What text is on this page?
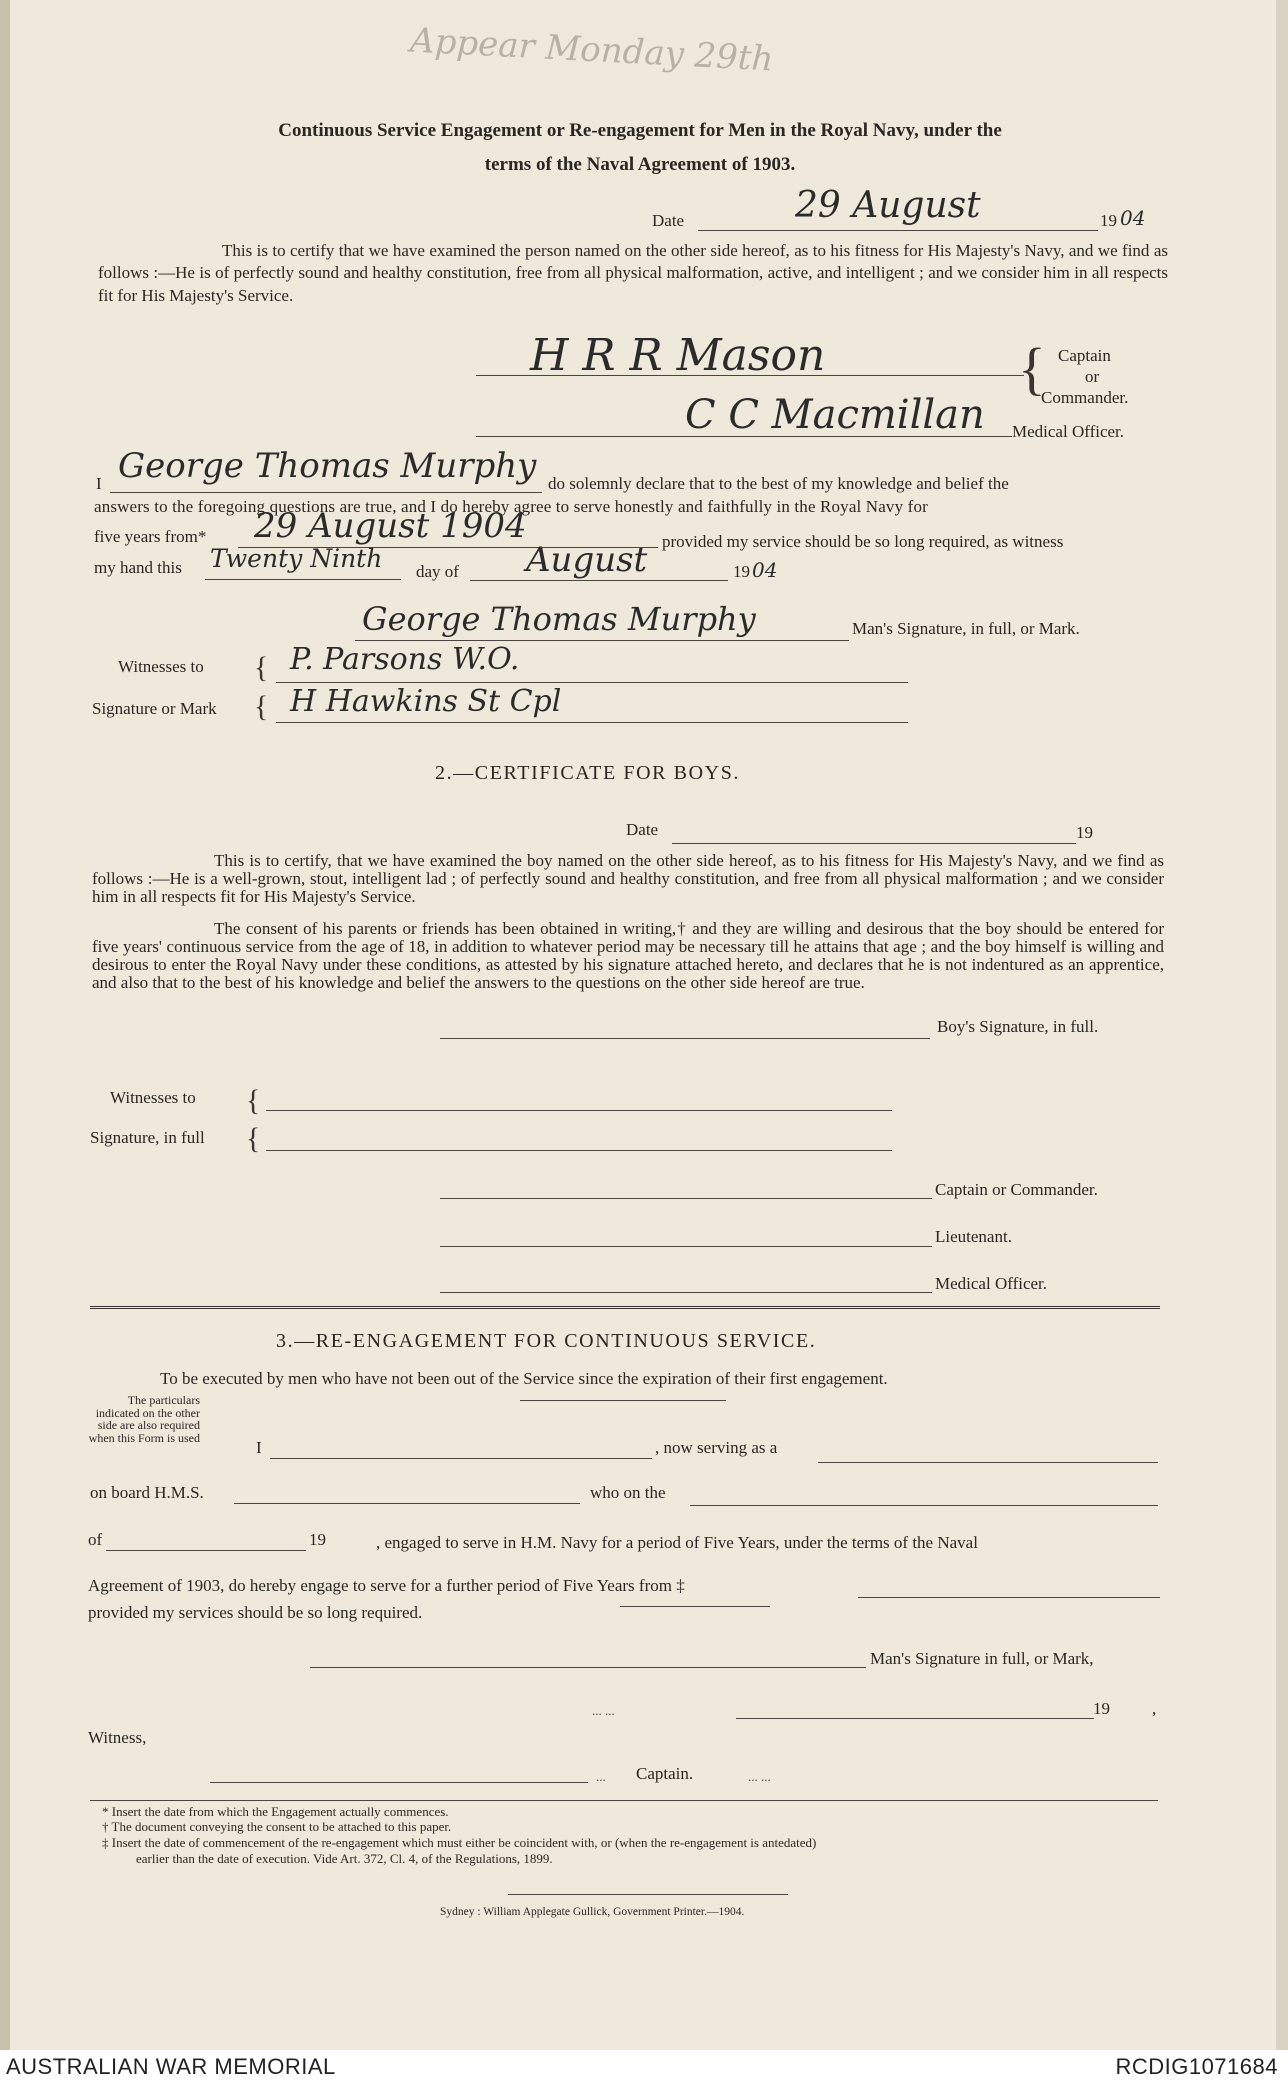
Appear Monday 29th
Continuous Service Engagement or Re-engagement for Men in the Royal Navy, under the
terms of the Naval Agreement of 1903.
Date	29 August	19 04
This is to certify that we have examined the person named on the other side hereof, as to his fitness for His Majesty's Navy, and we find as follows :—He is of perfectly sound and healthy constitution, free from all physical malformation, active, and intelligent ; and we consider him in all respects fit for His Majesty's Service.
H R R Mason	{ Captain
or
Commander.
C C Macmillan Medical Officer.
I George Thomas Murphy do solemnly declare that to the best of my knowledge and belief the
answers to the foregoing questions are true, and I do hereby agree to serve honestly and faithfully in the Royal Navy for
five years from* 29 August 1904	provided my service should be so long required, as witness
my hand this Twenty Ninth day of August	19 04
George Thomas Murphy	Man's Signature, in full, or Mark.
Witnesses to
Signature or Mark
{
{
P. Parsons W.O.
H Hawkins St Cpl
2.—CERTIFICATE FOR BOYS.
Date	19
This is to certify, that we have examined the boy named on the other side hereof, as to his fitness for His Majesty's Navy, and we find as follows :—He is a well-grown, stout, intelligent lad ; of perfectly sound and healthy constitution, and free from all physical malformation ; and we consider him in all respects fit for His Majesty's Service.
The consent of his parents or friends has been obtained in writing,† and they are willing and desirous that the boy should be entered for five years' continuous service from the age of 18, in addition to whatever period may be necessary till he attains that age ; and the boy himself is willing and desirous to enter the Royal Navy under these conditions, as attested by his signature attached hereto, and declares that he is not indentured as an apprentice, and also that to the best of his knowledge and belief the answers to the questions on the other side hereof are true.
Boy's Signature, in full.
Witnesses to
Signature, in full
{
{
Captain or Commander.
Lieutenant.
Medical Officer.
3.—RE-ENGAGEMENT FOR CONTINUOUS SERVICE.
To be executed by men who have not been out of the Service since the expiration of their first engagement.
The particulars indicated on the other side are also required when this Form is used
I	, now serving as a
on board H.M.S.	who on the
of	19	, engaged to serve in H.M. Navy for a period of Five Years, under the terms of the Naval
Agreement of 1903, do hereby engage to serve for a further period of Five Years from ‡
provided my services should be so long required.
Man's Signature in full, or Mark,
... ...	19 ,
Witness,
... Captain.	... ...
* Insert the date from which the Engagement actually commences.
† The document conveying the consent to be attached to this paper.
‡ Insert the date of commencement of the re-engagement which must either be coincident with, or (when the re-engagement is antedated)
earlier than the date of execution. Vide Art. 372, Cl. 4, of the Regulations, 1899.
Sydney : William Applegate Gullick, Government Printer.—1904.
AUSTRALIAN WAR MEMORIAL	RCDIG1071684
